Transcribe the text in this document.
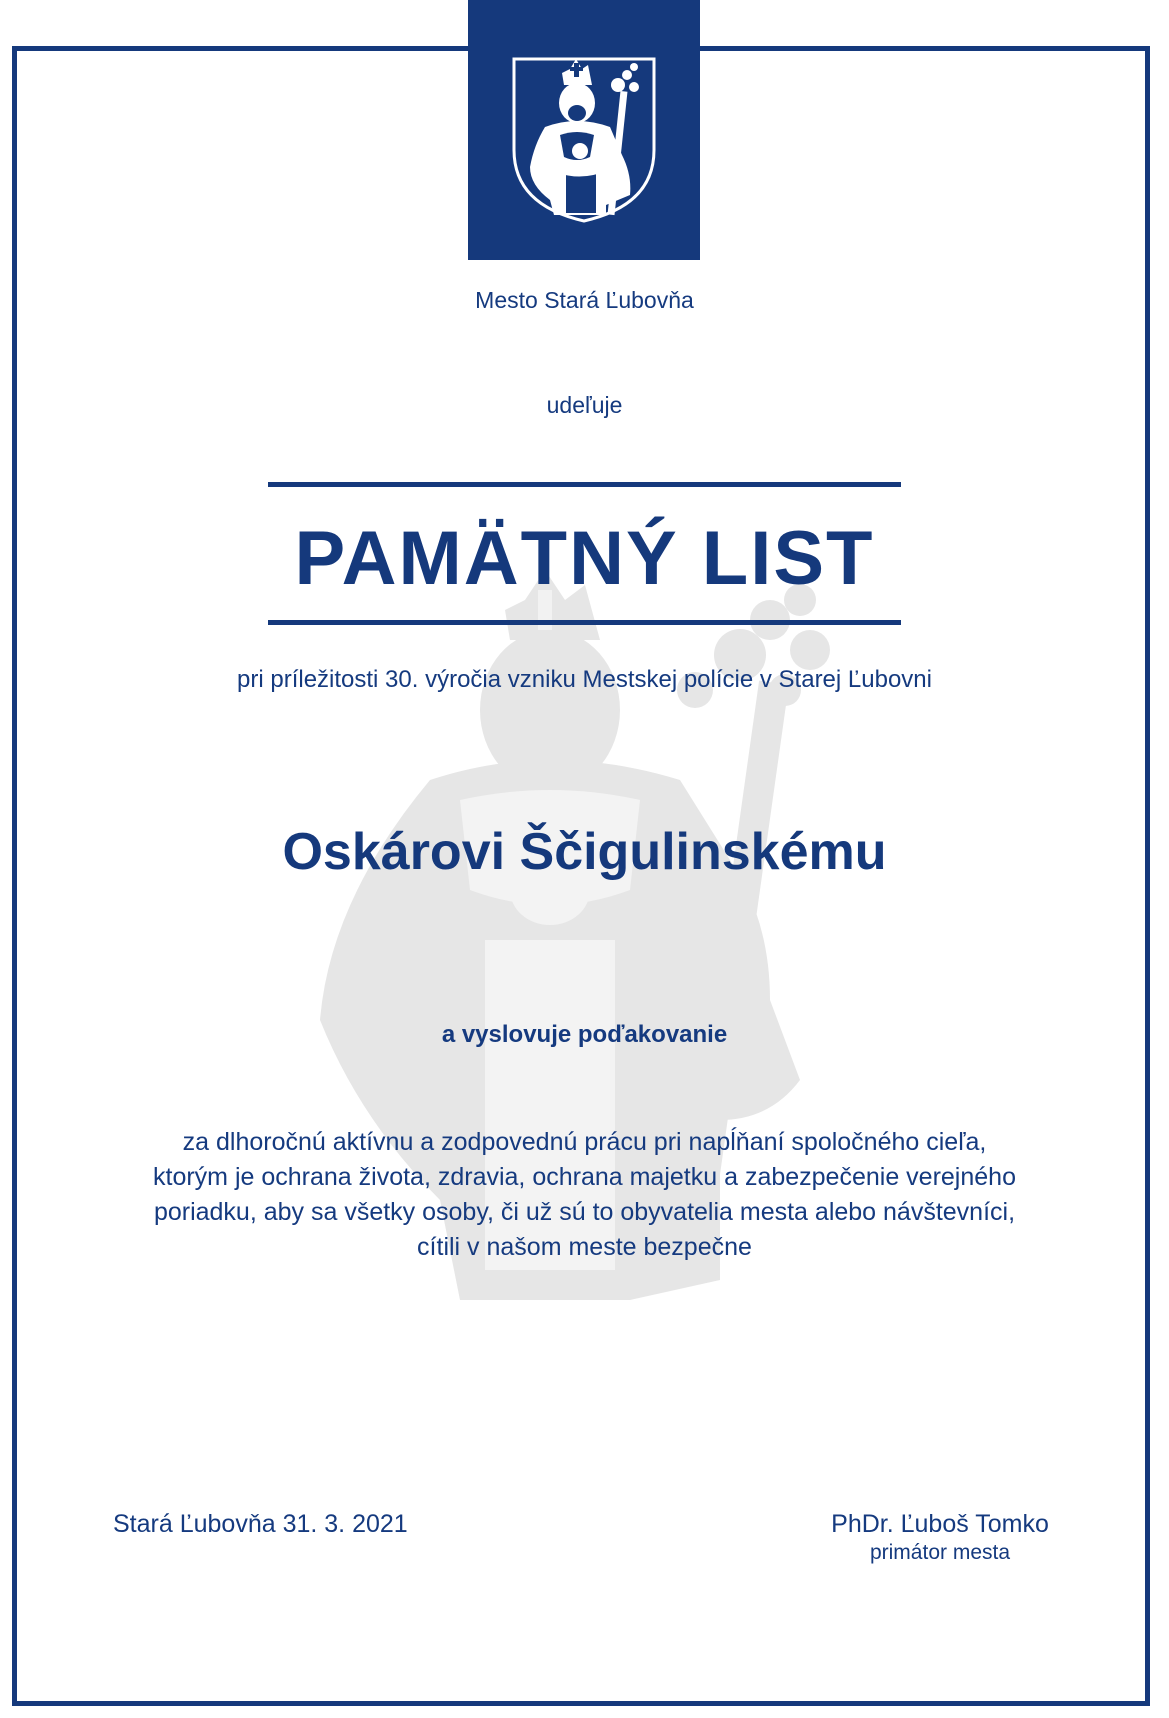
Mesto Stará Ľubovňa
udeľuje
PAMÄTNÝ LIST
pri príležitosti 30. výročia vzniku Mestskej polície v Starej Ľubovni
Oskárovi Ščigulinskému
a vyslovuje poďakovanie
za dlhoročnú aktívnu a zodpovednú prácu pri napĺňaní spoločného cieľa,
ktorým je ochrana života, zdravia, ochrana majetku a zabezpečenie verejného
poriadku, aby sa všetky osoby, či už sú to obyvatelia mesta alebo návštevníci,
cítili v našom meste bezpečne
Stará Ľubovňa 31. 3. 2021	PhDr. Ľuboš Tomko
primátor mesta
